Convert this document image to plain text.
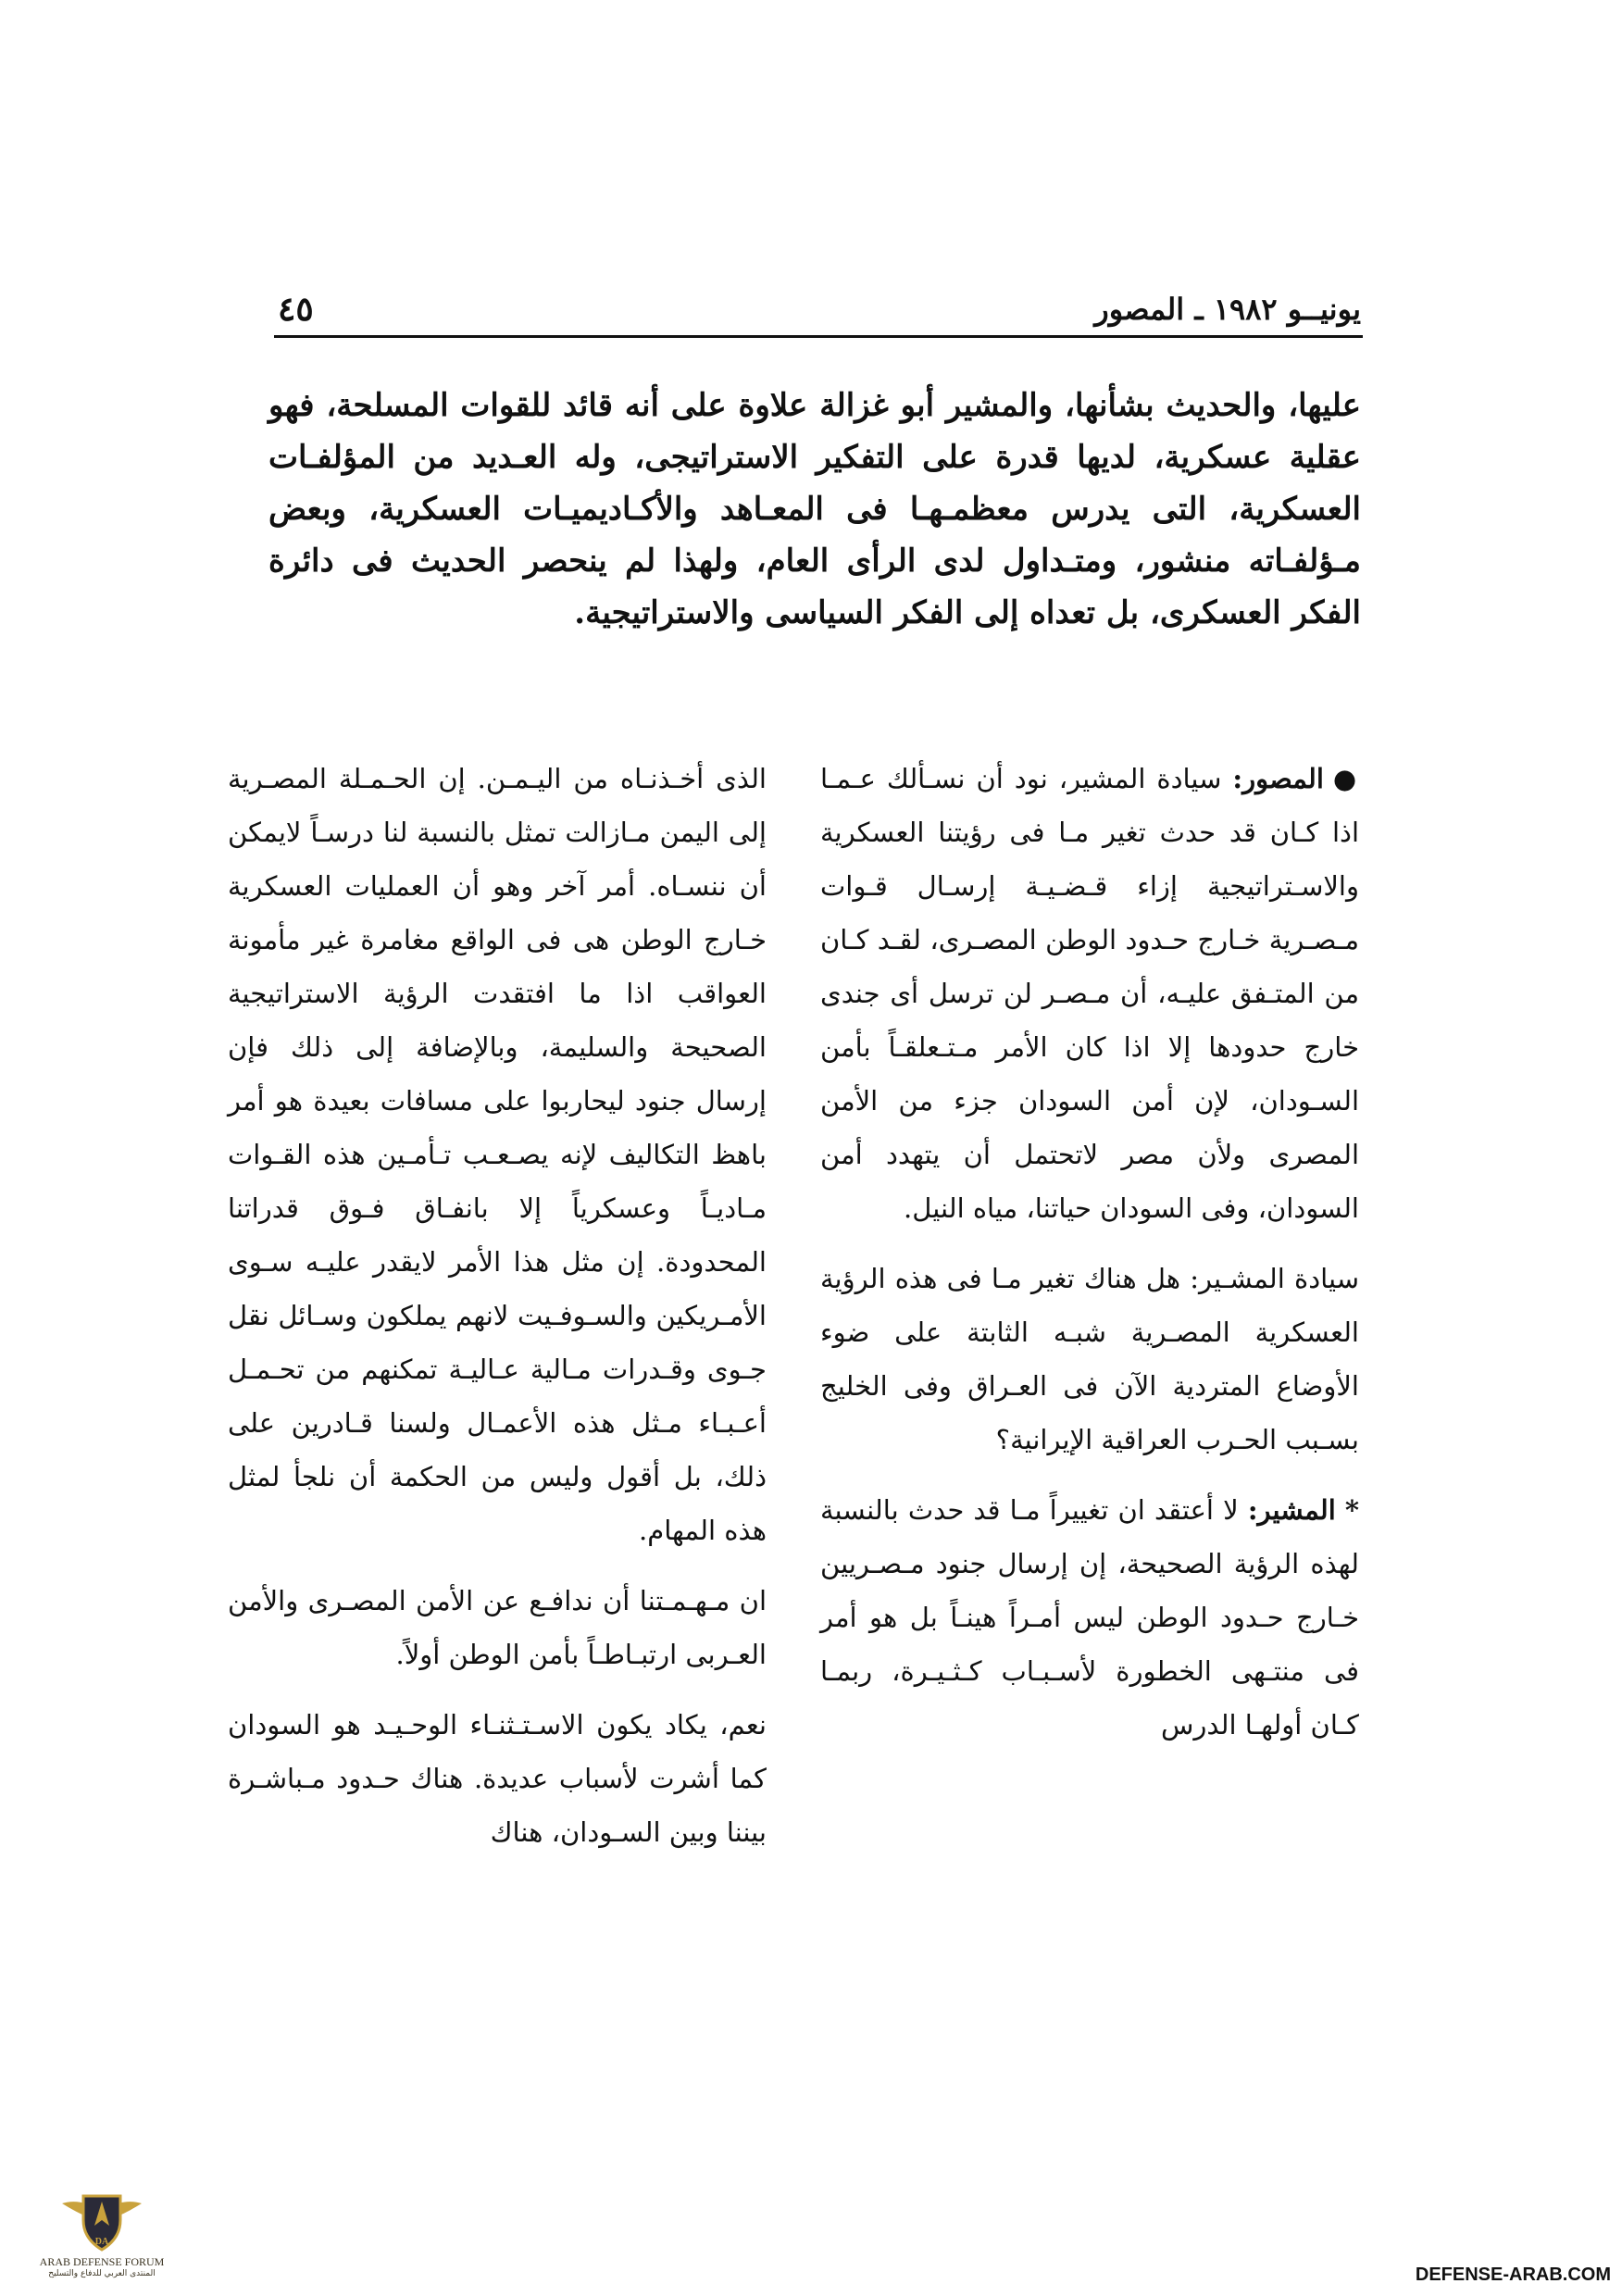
يونيــو ١٩٨٢ ـ المصور
٤٥

عليها، والحديث بشأنها، والمشير أبو غزالة علاوة على أنه قائد للقوات المسلحة، فهو عقلية عسكرية، لديها قدرة على التفكير الاستراتيجى، وله العـديد من المؤلفـات العسكرية، التى يدرس معظمـهـا فى المعـاهد والأكـاديميـات العسكرية، وبعض مـؤلفـاته منشور، ومتـداول لدى الرأى العام، ولهذا لم ينحصر الحديث فى دائرة الفكر العسكرى، بل تعداه إلى الفكر السياسى والاستراتيجية.

●المصور: سيادة المشير، نود أن نسـألك عـمـا اذا كـان قد حدث تغير مـا فى رؤيتنا العسكرية والاسـتراتيجية إزاء قـضـيـة إرسـال قـوات مـصـرية خـارج حـدود الوطن المصـرى، لقـد كـان من المتـفق عليـه، أن مـصـر لن ترسل أى جندى خارج حدودها إلا اذا كان الأمر مـتـعلقـاً بأمن السـودان، لإن أمن السودان جزء من الأمن المصرى ولأن مصر لاتحتمل أن يتهدد أمن السودان، وفى السودان حياتنا، مياه النيل.

سيادة المشـير: هل هناك تغير مـا فى هذه الرؤية العسكرية المصـرية شبـه الثابتة على ضوء الأوضاع المتردية الآن فى العـراق وفى الخليج بسـبب الحـرب العراقية الإيرانية؟

*المشير: لا أعتقد ان تغييراً مـا قد حدث بالنسبة لهذه الرؤية الصحيحة، إن إرسال جنود مـصـريين خـارج حـدود الوطن ليس أمـراً هينـاً بل هو أمر فى منتـهى الخطورة لأسـبـاب كـثـيـرة، ربمـا كـان أولهـا الدرس

الذى أخـذنـاه من اليـمـن. إن الحـمـلة المصـرية إلى اليمن مـازالت تمثل بالنسبة لنا درسـاً لايمكن أن ننسـاه. أمر آخر وهو أن العمليات العسكرية خـارج الوطن هى فى الواقع مغامرة غير مأمونة العواقب اذا ما افتقدت الرؤية الاستراتيجية الصحيحة والسليمة، وبالإضافة إلى ذلك فإن إرسال جنود ليحاربوا على مسافات بعيدة هو أمر باهظ التكاليف لإنه يصـعـب تـأمـين هذه القـوات مـاديـاً وعسكرياً إلا بانفـاق فـوق قدراتنا المحدودة. إن مثل هذا الأمر لايقدر عليـه سـوى الأمـريكين والسـوفـيت لانهم يملكون وسـائل نقل جـوى وقـدرات مـالية عـاليـة تمكنهم من تحـمـل أعـبـاء مـثل هذه الأعمـال ولسنا قـادرين على ذلك، بل أقول وليس من الحكمة أن نلجأ لمثل هذه المهام.

ان مـهـمـتنا أن ندافـع عن الأمن المصـرى والأمن العـربى ارتبـاطـاً بأمن الوطن أولاً.

نعم، يكاد يكون الاسـتـثنـاء الوحـيـد هو السودان كما أشرت لأسباب عديدة. هناك حـدود مـباشـرة بيننا وبين السـودان، هناك

DA
ARAB DEFENSE FORUM
المنتدى العربي للدفاع والتسليح	DEFENSE-ARAB.COM
